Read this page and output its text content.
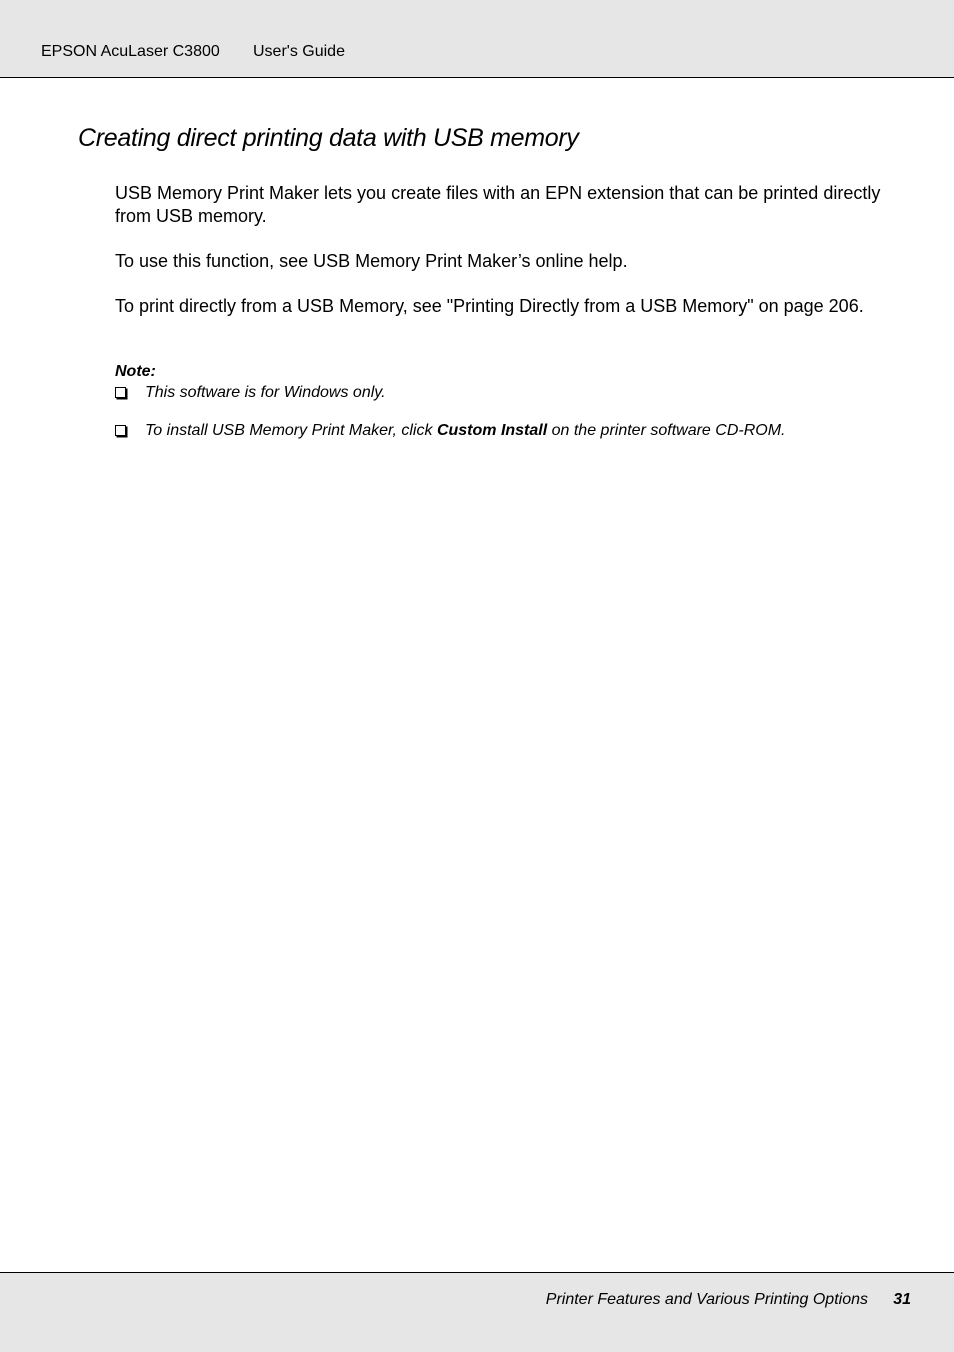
EPSON AcuLaser C3800 User's Guide
Creating direct printing data with USB memory

USB Memory Print Maker lets you create files with an EPN extension that can be printed directly from USB memory.

To use this function, see USB Memory Print Maker’s online help.

To print directly from a USB Memory, see "Printing Directly from a USB Memory" on page 206.

Note:
This software is for Windows only.
To install USB Memory Print Maker, click Custom Install on the printer software CD-ROM.
Printer Features and Various Printing Options 31
